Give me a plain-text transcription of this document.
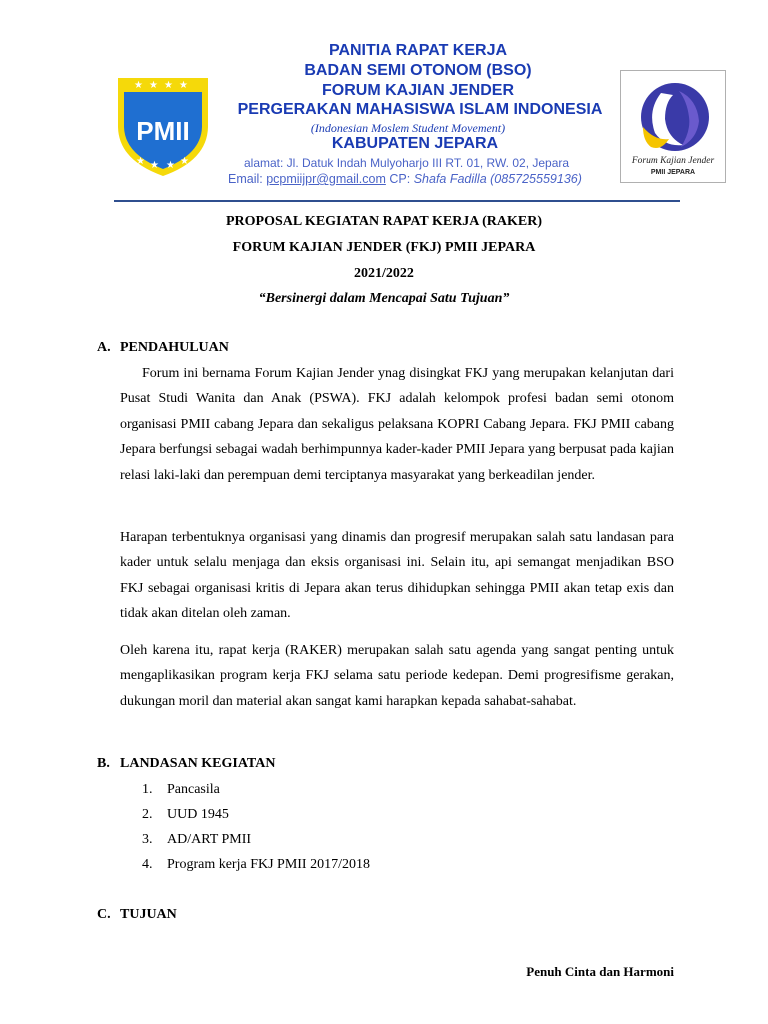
★ ★ ★ ★
★ ★ ★ ★
PMII
PANITIA RAPAT KERJA
BADAN SEMI OTONOM (BSO)
FORUM KAJIAN JENDER
PERGERAKAN MAHASISWA ISLAM INDONESIA
(Indonesian Moslem Student Movement)
KABUPATEN JEPARA
alamat: Jl. Datuk Indah Mulyoharjo III RT. 01, RW. 02, Jepara
Email: pcpmiijpr@gmail.com CP: Shafa Fadilla (085725559136)
Forum Kajian Jender
PMII JEPARA
PROPOSAL KEGIATAN RAPAT KERJA (RAKER)
FORUM KAJIAN JENDER (FKJ) PMII JEPARA
2021/2022
“Bersinergi dalam Mencapai Satu Tujuan”
A. PENDAHULUAN

Forum ini bernama Forum Kajian Jender ynag disingkat FKJ yang merupakan kelanjutan dari Pusat Studi Wanita dan Anak (PSWA). FKJ adalah kelompok profesi badan semi otonom organisasi PMII cabang Jepara dan sekaligus pelaksana KOPRI Cabang Jepara. FKJ PMII cabang Jepara berfungsi sebagai wadah berhimpunnya kader-kader PMII Jepara yang berpusat pada kajian relasi laki-laki dan perempuan demi terciptanya masyarakat yang berkeadilan jender.

Harapan terbentuknya organisasi yang dinamis dan progresif merupakan salah satu landasan para kader untuk selalu menjaga dan eksis organisasi ini. Selain itu, api semangat menjadikan BSO FKJ sebagai organisasi kritis di Jepara akan terus dihidupkan sehingga PMII akan tetap exis dan tidak akan ditelan oleh zaman.

Oleh karena itu, rapat kerja (RAKER) merupakan salah satu agenda yang sangat penting untuk mengaplikasikan program kerja FKJ selama satu periode kedepan. Demi progresifisme gerakan, dukungan moril dan material akan sangat kami harapkan kepada sahabat-sahabat.

B. LANDASAN KEGIATAN
1. Pancasila
2. UUD 1945
3. AD/ART PMII
4. Program kerja FKJ PMII 2017/2018
C. TUJUAN
Penuh Cinta dan Harmoni
